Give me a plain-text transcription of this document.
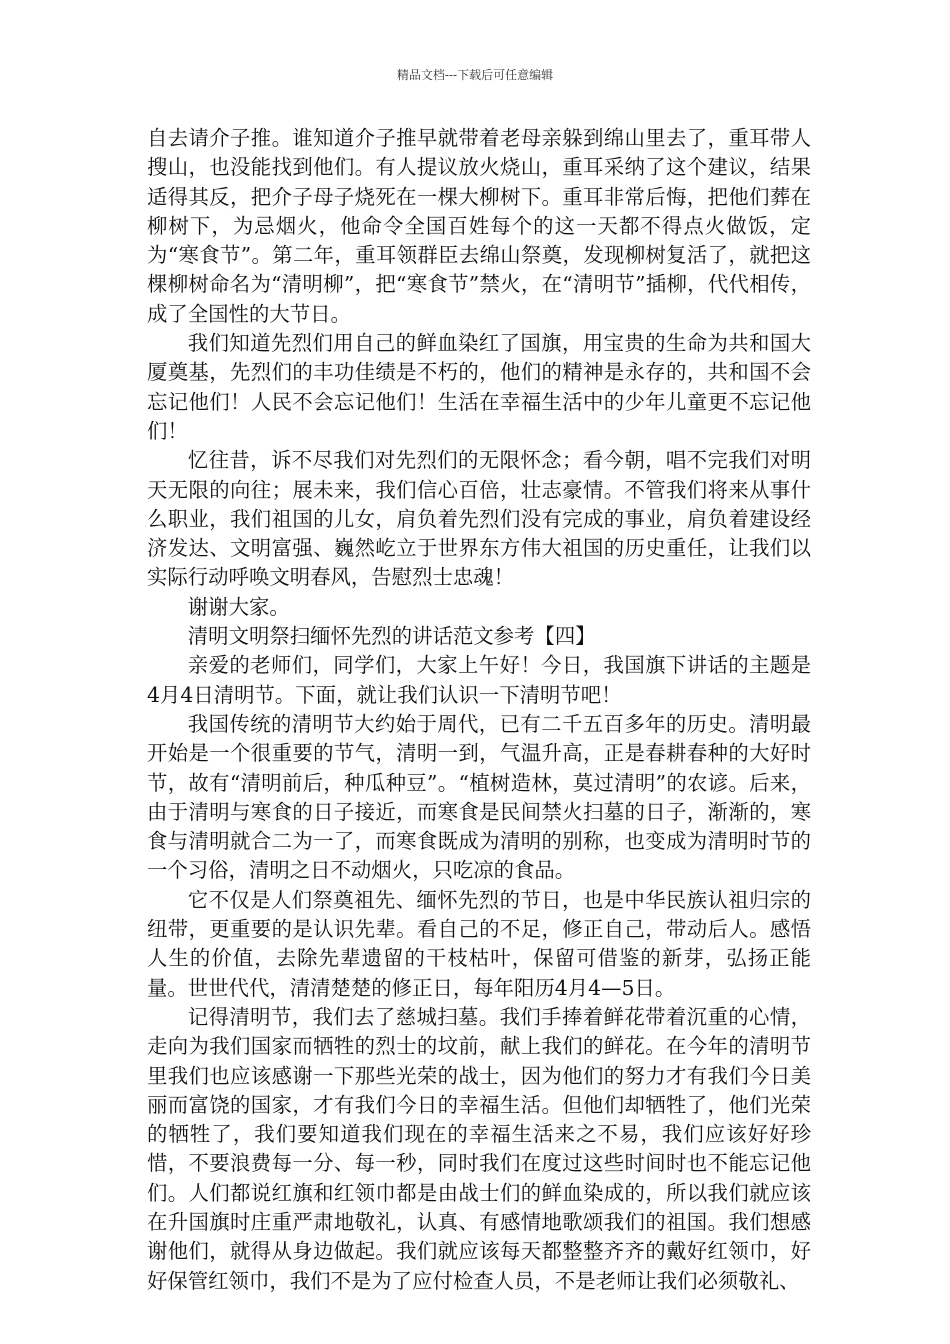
精品文档---下载后可任意编辑

自去请介子推。谁知道介子推早就带着老母亲躲到绵山里去了，重耳带人搜山，也没能找到他们。有人提议放火烧山，重耳采纳了这个建议，结果适得其反，把介子母子烧死在一棵大柳树下。重耳非常后悔，把他们葬在柳树下，为忌烟火，他命令全国百姓每个的这一天都不得点火做饭，定为“寒食节”。第二年，重耳领群臣去绵山祭奠，发现柳树复活了，就把这棵柳树命名为“清明柳”，把“寒食节”禁火，在“清明节”插柳，代代相传，成了全国性的大节日。

我们知道先烈们用自己的鲜血染红了国旗，用宝贵的生命为共和国大厦奠基，先烈们的丰功佳绩是不朽的，他们的精神是永存的，共和国不会忘记他们！人民不会忘记他们！生活在幸福生活中的少年儿童更不忘记他们！

忆往昔，诉不尽我们对先烈们的无限怀念；看今朝，唱不完我们对明天无限的向往；展未来，我们信心百倍，壮志豪情。不管我们将来从事什么职业，我们祖国的儿女，肩负着先烈们没有完成的事业，肩负着建设经济发达、文明富强、巍然屹立于世界东方伟大祖国的历史重任，让我们以实际行动呼唤文明春风，告慰烈士忠魂！

谢谢大家。

清明文明祭扫缅怀先烈的讲话范文参考【四】

亲爱的老师们，同学们，大家上午好！今日，我国旗下讲话的主题是4月4日清明节。下面，就让我们认识一下清明节吧！

我国传统的清明节大约始于周代，已有二千五百多年的历史。清明最开始是一个很重要的节气，清明一到，气温升高，正是春耕春种的大好时节，故有“清明前后，种瓜种豆”。“植树造林，莫过清明”的农谚。后来，由于清明与寒食的日子接近，而寒食是民间禁火扫墓的日子，渐渐的，寒食与清明就合二为一了，而寒食既成为清明的别称，也变成为清明时节的一个习俗，清明之日不动烟火，只吃凉的食品。

它不仅是人们祭奠祖先、缅怀先烈的节日，也是中华民族认祖归宗的纽带，更重要的是认识先辈。看自己的不足，修正自己，带动后人。感悟人生的价值，去除先辈遗留的干枝枯叶，保留可借鉴的新芽，弘扬正能量。世世代代，清清楚楚的修正日，每年阳历4月4—5日。

记得清明节，我们去了慈城扫墓。我们手捧着鲜花带着沉重的心情，走向为我们国家而牺牲的烈士的坟前，献上我们的鲜花。在今年的清明节里我们也应该感谢一下那些光荣的战士，因为他们的努力才有我们今日美丽而富饶的国家，才有我们今日的幸福生活。但他们却牺牲了，他们光荣的牺牲了，我们要知道我们现在的幸福生活来之不易，我们应该好好珍惜，不要浪费每一分、每一秒，同时我们在度过这些时间时也不能忘记他们。人们都说红旗和红领巾都是由战士们的鲜血染成的，所以我们就应该在升国旗时庄重严肃地敬礼，认真、有感情地歌颂我们的祖国。我们想感谢他们，就得从身边做起。我们就应该每天都整整齐齐的戴好红领巾，好好保管红领巾，我们不是为了应付检查人员，不是老师让我们必须敬礼、
